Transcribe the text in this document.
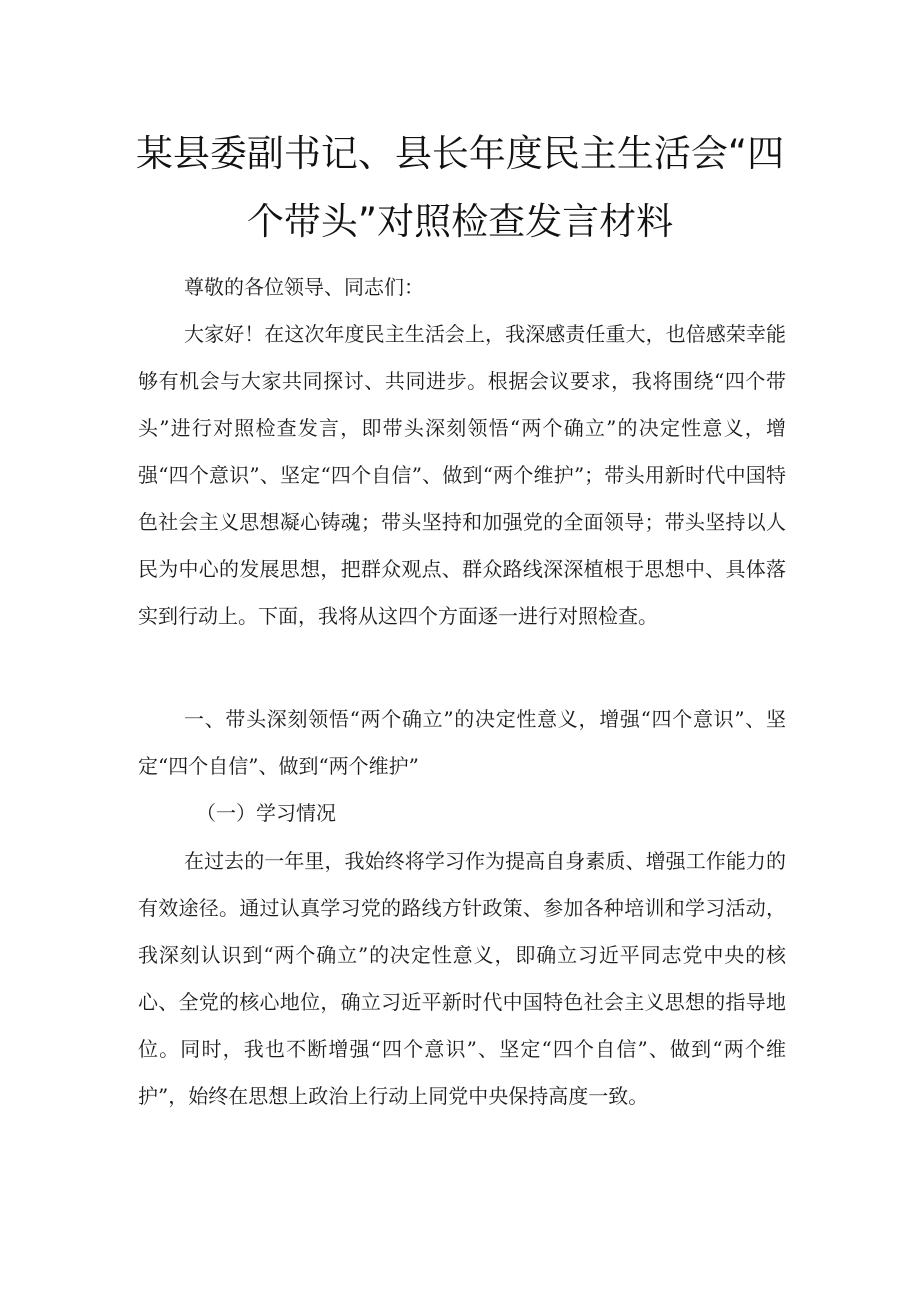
某县委副书记、县长年度民主生活会“四个带头”对照检查发言材料

尊敬的各位领导、同志们：

大家好！在这次年度民主生活会上，我深感责任重大，也倍感荣幸能够有机会与大家共同探讨、共同进步。根据会议要求，我将围绕“四个带头”进行对照检查发言，即带头深刻领悟“两个确立”的决定性意义，增强“四个意识”、坚定“四个自信”、做到“两个维护”；带头用新时代中国特色社会主义思想凝心铸魂；带头坚持和加强党的全面领导；带头坚持以人民为中心的发展思想，把群众观点、群众路线深深植根于思想中、具体落实到行动上。下面，我将从这四个方面逐一进行对照检查。

一、带头深刻领悟“两个确立”的决定性意义，增强“四个意识”、坚定“四个自信”、做到“两个维护”

（一）学习情况

在过去的一年里，我始终将学习作为提高自身素质、增强工作能力的有效途径。通过认真学习党的路线方针政策、参加各种培训和学习活动，我深刻认识到“两个确立”的决定性意义，即确立习近平同志党中央的核心、全党的核心地位，确立习近平新时代中国特色社会主义思想的指导地位。同时，我也不断增强“四个意识”、坚定“四个自信”、做到“两个维护”，始终在思想上政治上行动上同党中央保持高度一致。
